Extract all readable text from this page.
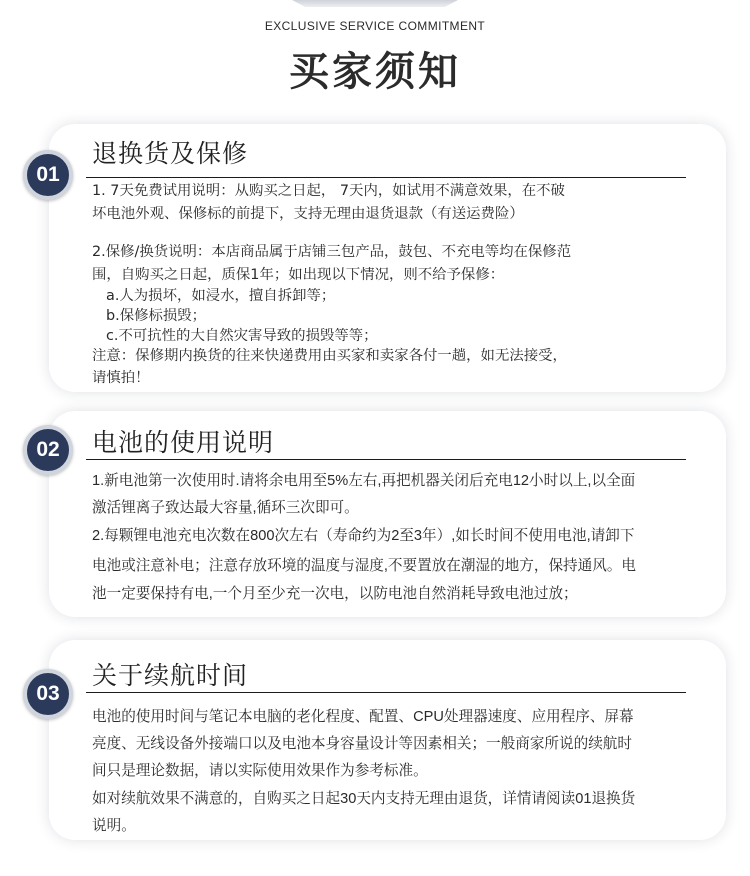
EXCLUSIVE SERVICE COMMITMENT
买家须知
01
退换货及保修
1. 7天免费试用说明：从购买之日起， 7天内，如试用不满意效果，在不破
坏电池外观、保修标的前提下，支持无理由退货退款（有送运费险）
2.保修/换货说明：本店商品属于店铺三包产品，鼓包、不充电等均在保修范
围，自购买之日起，质保1年；如出现以下情况，则不给予保修：
a.人为损坏，如浸水，擅自拆卸等；
b.保修标损毁；
c.不可抗性的大自然灾害导致的损毁等等；
注意：保修期内换货的往来快递费用由买家和卖家各付一趟，如无法接受，
请慎拍！
02	电池的使用说明
1.新电池第一次使用时.请将余电用至5%左右,再把机器关闭后充电12小时以上,以全面
激活锂离子致达最大容量,循环三次即可。
2.每颗锂电池充电次数在800次左右（寿命约为2至3年）,如长时间不使用电池,请卸下
电池或注意补电；注意存放环境的温度与湿度,不要置放在潮湿的地方，保持通风。电
池一定要保持有电,一个月至少充一次电，以防电池自然消耗导致电池过放；
03
关于续航时间
电池的使用时间与笔记本电脑的老化程度、配置、CPU处理器速度、应用程序、屏幕
亮度、无线设备外接端口以及电池本身容量设计等因素相关；一般商家所说的续航时
间只是理论数据，请以实际使用效果作为参考标准。
如对续航效果不满意的，自购买之日起30天内支持无理由退货，详情请阅读01退换货
说明。
